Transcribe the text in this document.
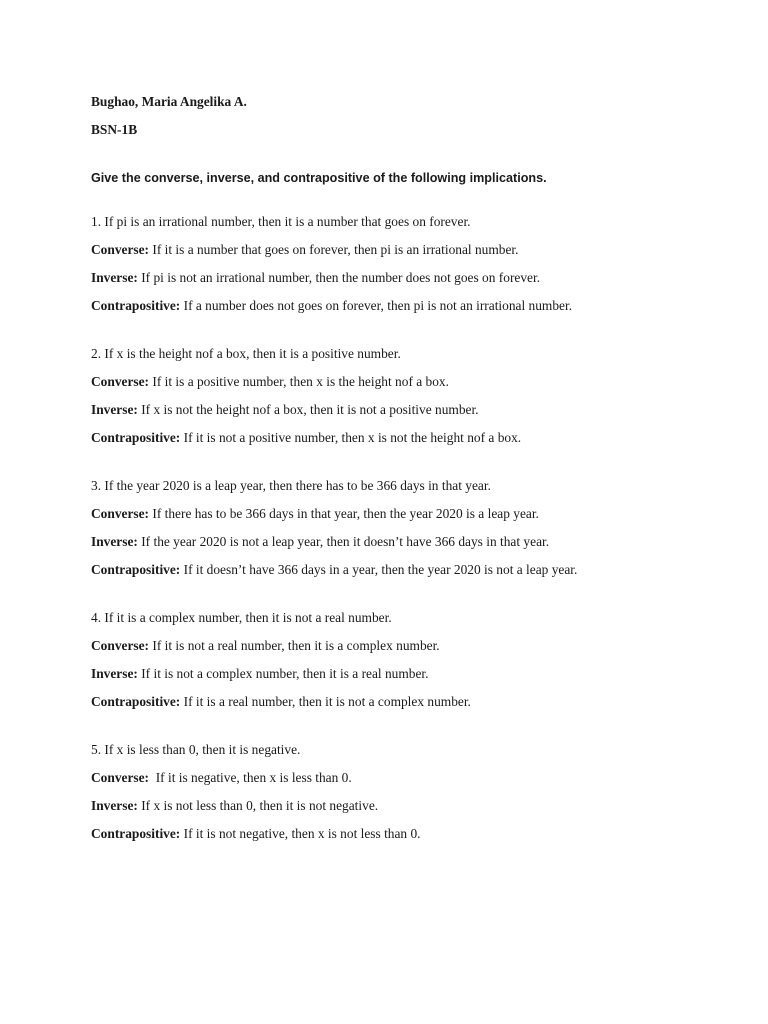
Bughao, Maria Angelika A.

BSN-1B

Give the converse, inverse, and contrapositive of the following implications.

1. If pi is an irrational number, then it is a number that goes on forever.

Converse: If it is a number that goes on forever, then pi is an irrational number.

Inverse: If pi is not an irrational number, then the number does not goes on forever.

Contrapositive: If a number does not goes on forever, then pi is not an irrational number.

2. If x is the height nof a box, then it is a positive number.

Converse: If it is a positive number, then x is the height nof a box.

Inverse: If x is not the height nof a box, then it is not a positive number.

Contrapositive: If it is not a positive number, then x is not the height nof a box.

3. If the year 2020 is a leap year, then there has to be 366 days in that year.

Converse: If there has to be 366 days in that year, then the year 2020 is a leap year.

Inverse: If the year 2020 is not a leap year, then it doesn’t have 366 days in that year.

Contrapositive: If it doesn’t have 366 days in a year, then the year 2020 is not a leap year.

4. If it is a complex number, then it is not a real number.

Converse: If it is not a real number, then it is a complex number.

Inverse: If it is not a complex number, then it is a real number.

Contrapositive: If it is a real number, then it is not a complex number.

5. If x is less than 0, then it is negative.

Converse:  If it is negative, then x is less than 0.

Inverse: If x is not less than 0, then it is not negative.

Contrapositive: If it is not negative, then x is not less than 0.
